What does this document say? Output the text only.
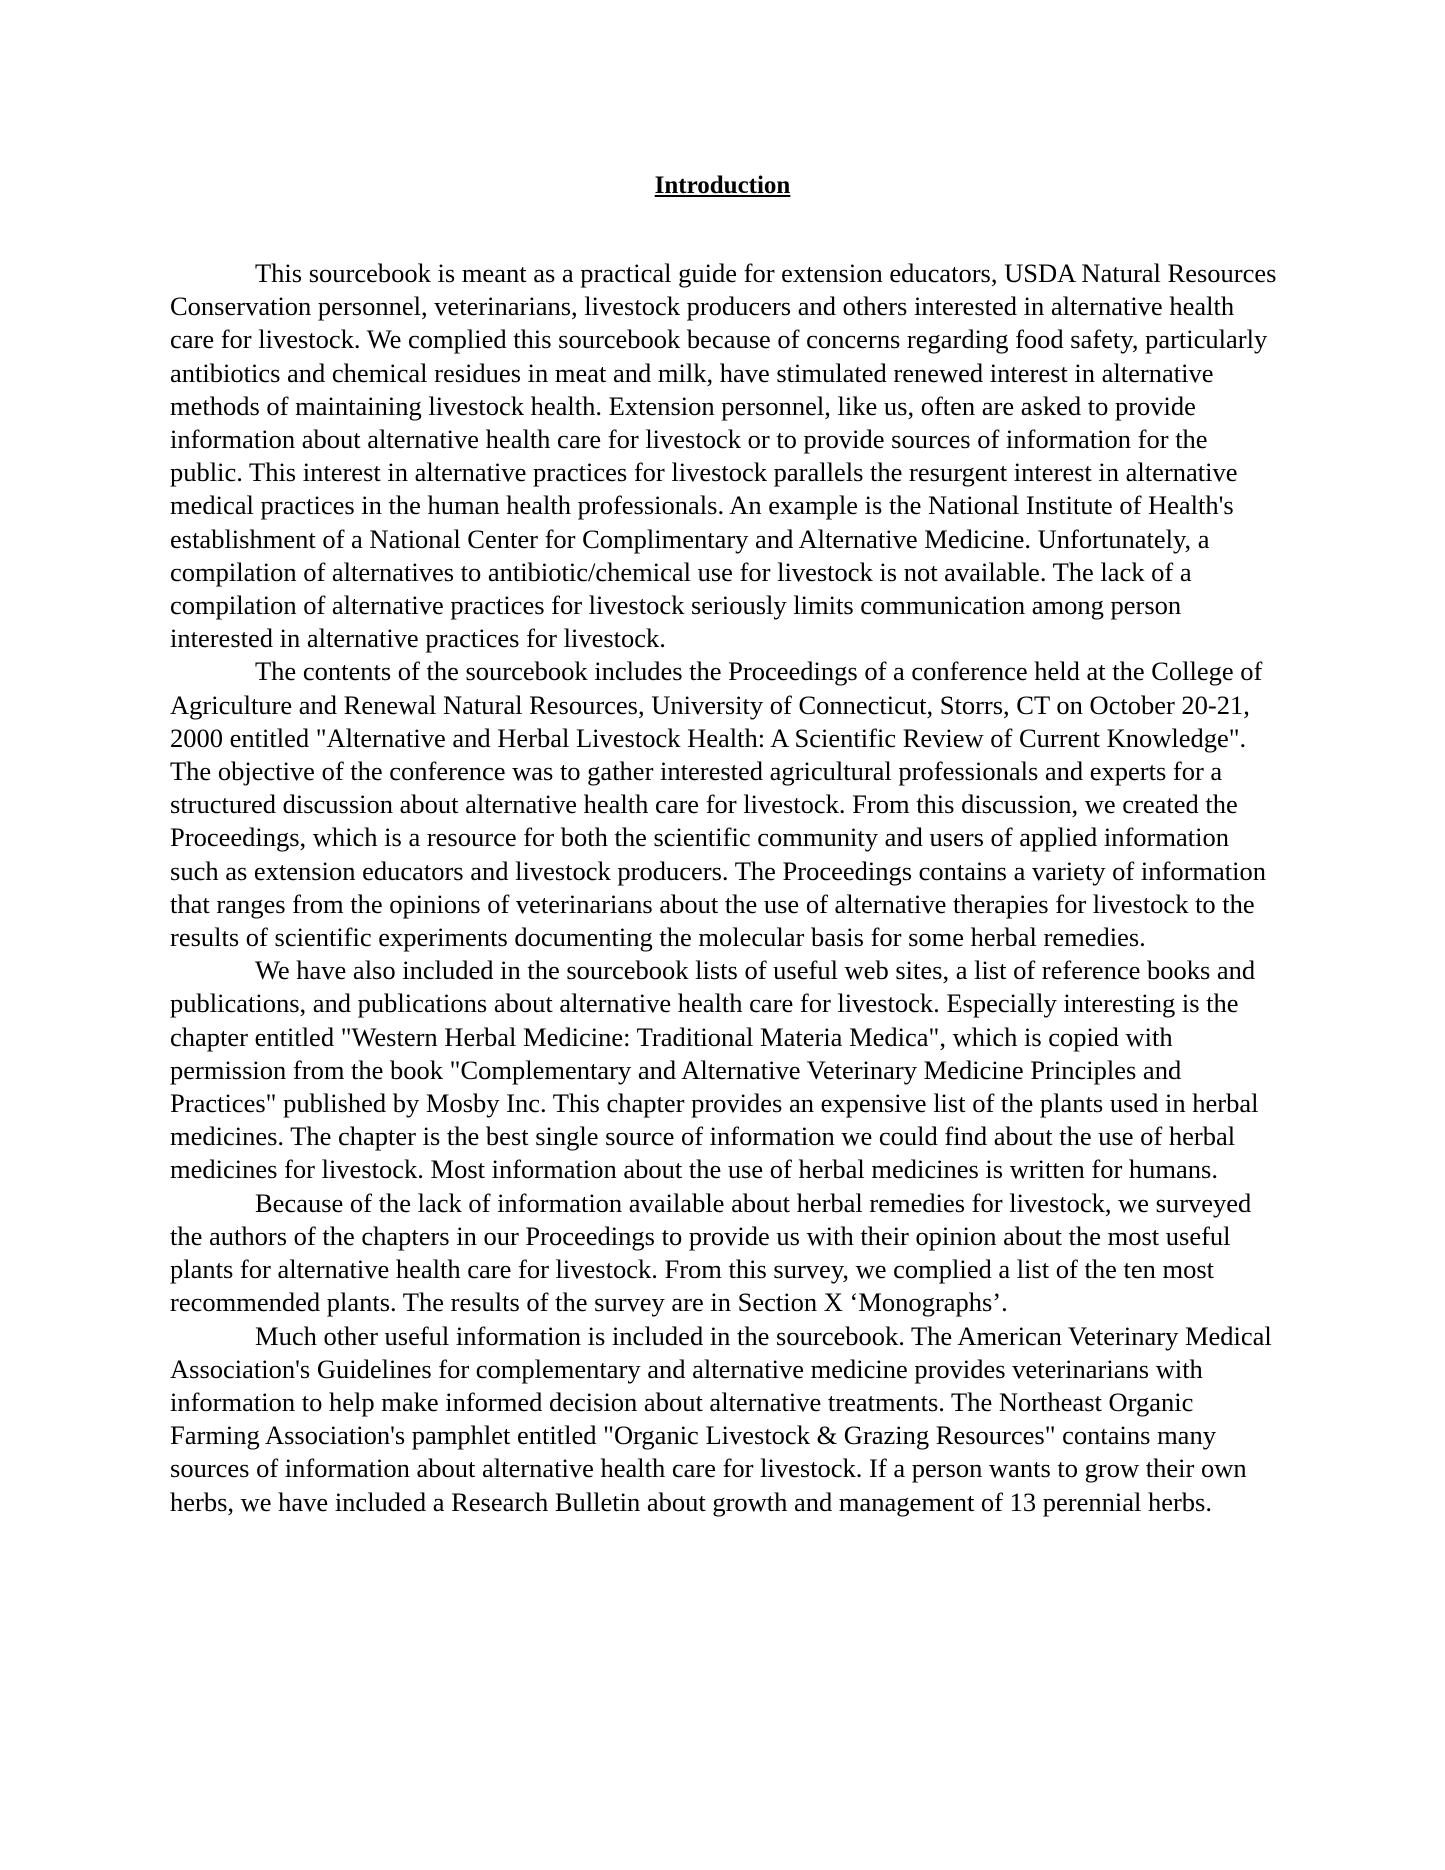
Introduction

This sourcebook is meant as a practical guide for extension educators, USDA Natural Resources Conservation personnel, veterinarians, livestock producers and others interested in alternative health care for livestock. We complied this sourcebook because of concerns regarding food safety, particularly antibiotics and chemical residues in meat and milk, have stimulated renewed interest in alternative methods of maintaining livestock health. Extension personnel, like us, often are asked to provide information about alternative health care for livestock or to provide sources of information for the public. This interest in alternative practices for livestock parallels the resurgent interest in alternative medical practices in the human health professionals. An example is the National Institute of Health's establishment of a National Center for Complimentary and Alternative Medicine. Unfortunately, a compilation of alternatives to antibiotic/chemical use for livestock is not available. The lack of a compilation of alternative practices for livestock seriously limits communication among person interested in alternative practices for livestock.

The contents of the sourcebook includes the Proceedings of a conference held at the College of Agriculture and Renewal Natural Resources, University of Connecticut, Storrs, CT on October 20-21, 2000 entitled "Alternative and Herbal Livestock Health: A Scientific Review of Current Knowledge". The objective of the conference was to gather interested agricultural professionals and experts for a structured discussion about alternative health care for livestock. From this discussion, we created the Proceedings, which is a resource for both the scientific community and users of applied information such as extension educators and livestock producers. The Proceedings contains a variety of information that ranges from the opinions of veterinarians about the use of alternative therapies for livestock to the results of scientific experiments documenting the molecular basis for some herbal remedies.

We have also included in the sourcebook lists of useful web sites, a list of reference books and publications, and publications about alternative health care for livestock. Especially interesting is the chapter entitled "Western Herbal Medicine: Traditional Materia Medica", which is copied with permission from the book "Complementary and Alternative Veterinary Medicine Principles and Practices" published by Mosby Inc. This chapter provides an expensive list of the plants used in herbal medicines. The chapter is the best single source of information we could find about the use of herbal medicines for livestock. Most information about the use of herbal medicines is written for humans.

Because of the lack of information available about herbal remedies for livestock, we surveyed the authors of the chapters in our Proceedings to provide us with their opinion about the most useful plants for alternative health care for livestock. From this survey, we complied a list of the ten most recommended plants. The results of the survey are in Section X ‘Monographs’.

Much other useful information is included in the sourcebook. The American Veterinary Medical Association's Guidelines for complementary and alternative medicine provides veterinarians with information to help make informed decision about alternative treatments. The Northeast Organic Farming Association's pamphlet entitled "Organic Livestock & Grazing Resources" contains many sources of information about alternative health care for livestock. If a person wants to grow their own herbs, we have included a Research Bulletin about growth and management of 13 perennial herbs.
